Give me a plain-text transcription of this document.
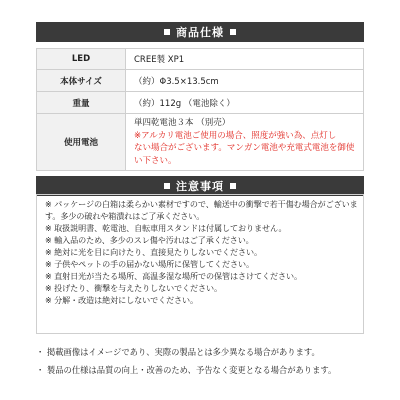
商品仕様
LED	CREE製 XP1
本体サイズ	（約）Φ3.5×13.5cm
重量	（約）112g （電池除く）
使用電池	単四乾電池３本 （別売）
※アルカリ電池ご使用の場合、照度が強い為、点灯し
ない場合がございます。マンガン電池や充電式電池を御使
い下さい。
注意事項
※ パッケージの白箱は柔らかい素材ですので、輸送中の衝撃で若干傷む場合がございま
す。多少の破れや箱潰れはご了承ください。
※ 取扱説明書、乾電池、自転車用スタンドは付属しておりません。
※ 輸入品のため、多少のスレ傷や汚れはご了承ください。
※ 絶対に光を目に向けたり、直接見たりしないでください。
※ 子供やペットの手の届かない場所に保管してください。
※ 直射日光が当たる場所、高温多湿な場所での保管はさけてください。
※ 投げたり、衝撃を与えたりしないでください。
※ 分解・改造は絶対にしないでください。
・ 掲載画像はイメージであり、実際の製品とは多少異なる場合があります。
・ 製品の仕様は品質の向上・改善のため、予告なく変更となる場合があります。
